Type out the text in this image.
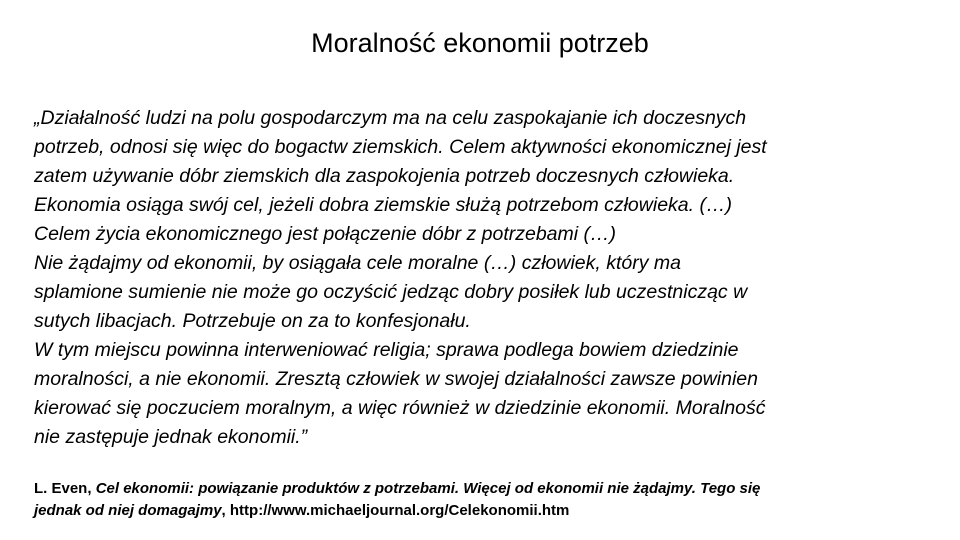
Moralność ekonomii potrzeb
„Działalność ludzi na polu gospodarczym ma na celu zaspokajanie ich doczesnych
potrzeb, odnosi się więc do bogactw ziemskich. Celem aktywności ekonomicznej jest
zatem używanie dóbr ziemskich dla zaspokojenia potrzeb doczesnych człowieka.
Ekonomia osiąga swój cel, jeżeli dobra ziemskie służą potrzebom człowieka. (…)
Celem życia ekonomicznego jest połączenie dóbr z potrzebami (…)
Nie żądajmy od ekonomii, by osiągała cele moralne (…) człowiek, który ma
splamione sumienie nie może go oczyścić jedząc dobry posiłek lub uczestnicząc w
sutych libacjach. Potrzebuje on za to konfesjonału.
W tym miejscu powinna interweniować religia; sprawa podlega bowiem dziedzinie
moralności, a nie ekonomii. Zresztą człowiek w swojej działalności zawsze powinien
kierować się poczuciem moralnym, a więc również w dziedzinie ekonomii. Moralność
nie zastępuje jednak ekonomii.”
L. Even, Cel ekonomii: powiązanie produktów z potrzebami. Więcej od ekonomii nie żądajmy. Tego się
jednak od niej domagajmy, http://www.michaeljournal.org/Celekonomii.htm
